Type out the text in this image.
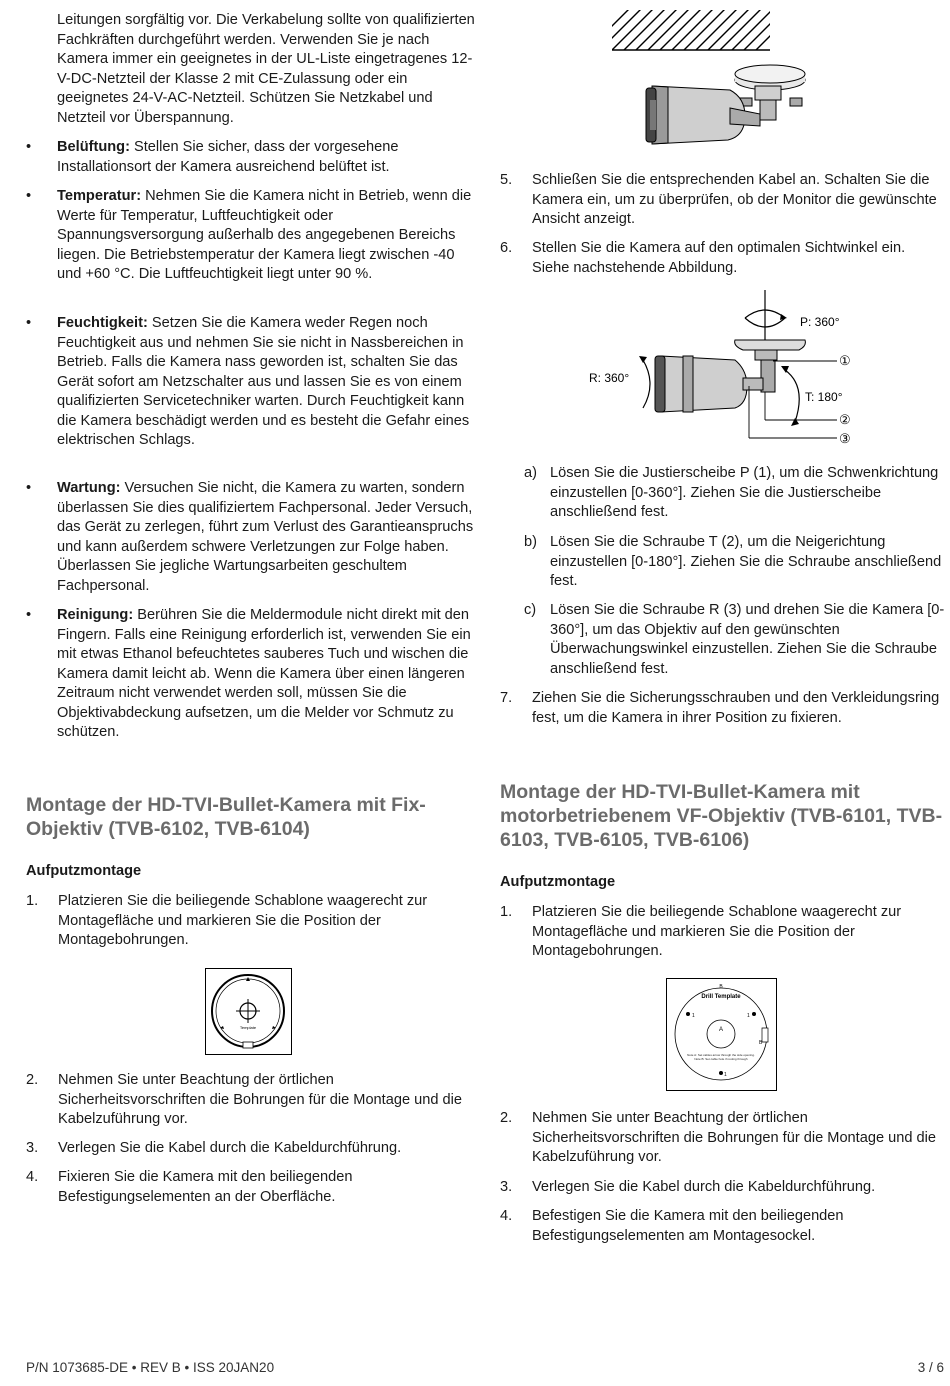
Leitungen sorgfältig vor. Die Verkabelung sollte von qualifizierten Fachkräften durchgeführt werden. Verwenden Sie je nach Kamera immer ein geeignetes in der UL-Liste eingetragenes 12-V-DC-Netzteil der Klasse 2 mit CE-Zulassung oder ein geeignetes 24-V-AC-Netzteil. Schützen Sie Netzkabel und Netzteil vor Überspannung.

• Belüftung: Stellen Sie sicher, dass der vorgesehene Installationsort der Kamera ausreichend belüftet ist.
• Temperatur: Nehmen Sie die Kamera nicht in Betrieb, wenn die Werte für Temperatur, Luftfeuchtigkeit oder Spannungsversorgung außerhalb des angegebenen Bereichs liegen. Die Betriebstemperatur der Kamera liegt zwischen -40 und +60 °C. Die Luftfeuchtigkeit liegt unter 90 %.
• Feuchtigkeit: Setzen Sie die Kamera weder Regen noch Feuchtigkeit aus und nehmen Sie sie nicht in Nassbereichen in Betrieb. Falls die Kamera nass geworden ist, schalten Sie das Gerät sofort am Netzschalter aus und lassen Sie es von einem qualifizierten Servicetechniker warten. Durch Feuchtigkeit kann die Kamera beschädigt werden und es besteht die Gefahr eines elektrischen Schlags.
• Wartung: Versuchen Sie nicht, die Kamera zu warten, sondern überlassen Sie dies qualifiziertem Fachpersonal. Jeder Versuch, das Gerät zu zerlegen, führt zum Verlust des Garantieanspruchs und kann außerdem schwere Verletzungen zur Folge haben. Überlassen Sie jegliche Wartungsarbeiten geschultem Fachpersonal.
• Reinigung: Berühren Sie die Meldermodule nicht direkt mit den Fingern. Falls eine Reinigung erforderlich ist, verwenden Sie ein mit etwas Ethanol befeuchtetes sauberes Tuch und wischen die Kamera damit leicht ab. Wenn die Kamera über einen längeren Zeitraum nicht verwendet werden soll, müssen Sie die Objektivabdeckung aufsetzen, um die Melder vor Schmutz zu schützen.
Montage der HD-TVI-Bullet-Kamera mit Fix-Objektiv (TVB-6102, TVB-6104)
Aufputzmontage
1. Platzieren Sie die beiliegende Schablone waagerecht zur Montagefläche und markieren Sie die Position der Montagebohrungen.
Template
2. Nehmen Sie unter Beachtung der örtlichen Sicherheitsvorschriften die Bohrungen für die Montage und die Kabelzuführung vor.
3. Verlegen Sie die Kabel durch die Kabeldurchführung.
4. Fixieren Sie die Kamera mit den beiliegenden Befestigungselementen an der Oberfläche.
5. Schließen Sie die entsprechenden Kabel an. Schalten Sie die Kamera ein, um zu überprüfen, ob der Monitor die gewünschte Ansicht anzeigt.
6. Stellen Sie die Kamera auf den optimalen Sichtwinkel ein. Siehe nachstehende Abbildung.
P: 360°
R: 360°
T: 180°
①
②
③
a) Lösen Sie die Justierscheibe P (1), um die Schwenkrichtung einzustellen [0-360°]. Ziehen Sie die Justierscheibe anschließend fest.
b) Lösen Sie die Schraube T (2), um die Neigerichtung einzustellen [0-180°]. Ziehen Sie die Schraube anschließend fest.
c) Lösen Sie die Schraube R (3) und drehen Sie die Kamera [0-360°], um das Objektiv auf den gewünschten Überwachungswinkel einzustellen. Ziehen Sie die Schraube anschließend fest.
7. Ziehen Sie die Sicherungsschrauben und den Verkleidungsring fest, um die Kamera in ihrer Position zu fixieren.
Montage der HD-TVI-Bullet-Kamera mit motorbetriebenem VF-Objektiv (TVB-6101, TVB-6103, TVB-6105, TVB-6106)
Aufputzmontage
1. Platzieren Sie die beiliegende Schablone waagerecht zur Montagefläche und markieren Sie die Position der Montagebohrungen.
B
Drill Template
A
1	1
B
1
Note A: Set cables arrow through the side opening. Note B: Set cable hole if routing through
2. Nehmen Sie unter Beachtung der örtlichen Sicherheitsvorschriften die Bohrungen für die Montage und die Kabelzuführung vor.
3. Verlegen Sie die Kabel durch die Kabeldurchführung.
4. Befestigen Sie die Kamera mit den beiliegenden Befestigungselementen am Montagesockel.
P/N 1073685-DE • REV B • ISS 20JAN20	3 / 6
